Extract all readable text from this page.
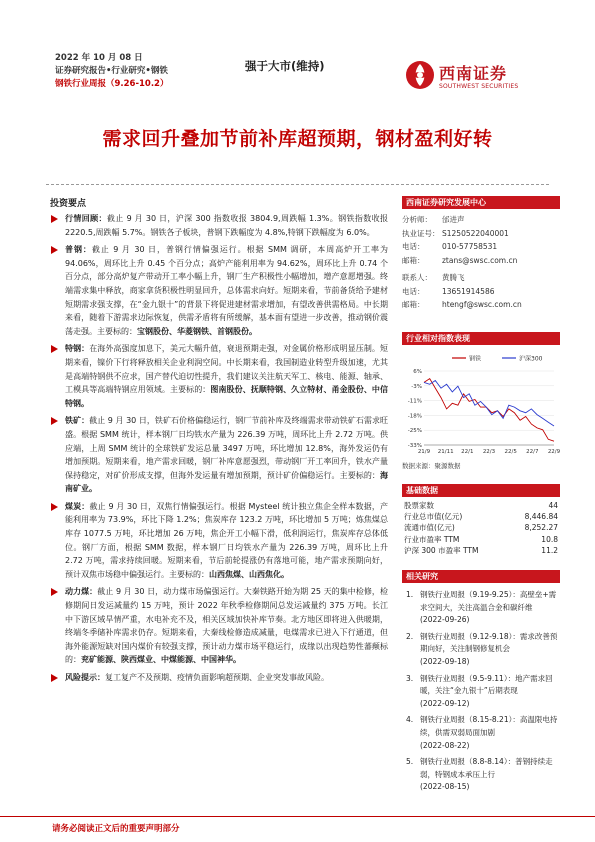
2022 年 10 月 08 日
证券研究报告•行业研究•钢铁
钢铁行业周报（9.26-10.2）
强于大市(维持)	西南证券
SOUTHWEST SECURITIES
需求回升叠加节前补库超预期，钢材盈利好转
投资要点
行情回顾：截止 9 月 30 日，沪深 300 指数收报 3804.9,周跌幅 1.3%。钢铁指数收报 2220.5,周跌幅 5.7%。钢铁各子板块，普钢下跌幅度为 4.8%,特钢下跌幅度为 6.0%。
普钢：截止 9 月 30 日，普钢行情偏强运行。根据 SMM 调研，本周高炉开工率为 94.06%，周环比上升 0.45 个百分点；高炉产能利用率为 94.62%，周环比上升 0.74 个百分点，部分高炉复产带动开工率小幅上升，钢厂生产积极性小幅增加，增产意愿增强。终端需求集中释放，商家拿货积极性明显回升，总体需求向好。短期来看，节前备货给予建材短期需求强支撑，在“金九银十”的背景下将促进建材需求增加，有望改善供需格局。中长期来看，随着下游需求边际恢复，供需矛盾将有所缓解，基本面有望进一步改善，推动钢价震荡走强。主要标的：宝钢股份、华菱钢铁、首钢股份。
特钢：在海外高强度加息下，美元大幅升值，衰退预期走强，对金属价格形成明显压制。短期来看，镍价下行将释放相关企业利润空间。中长期来看，我国制造业转型升级加速，尤其是高端特钢供不应求，国产替代迫切性提升，我们建议关注航天军工、核电、能源、轴承、工模具等高端特钢应用领域。主要标的：图南股份、抚顺特钢、久立特材、甬金股份、中信特钢。
铁矿：截止 9 月 30 日，铁矿石价格偏稳运行，钢厂节前补库及终端需求带动铁矿石需求旺盛。根据 SMM 统计，样本钢厂日均铁水产量为 226.39 万吨，周环比上升 2.72 万吨。供应端，上周 SMM 统计的全球铁矿发运总量 3497 万吨，环比增加 12.8%，海外发运仍有增加预期。短期来看，地产需求回暖，钢厂补库意愿强烈，带动钢厂开工率回升，铁水产量保持稳定，对矿价形成支撑，但海外发运量有增加预期，预计矿价偏稳运行。主要标的：海南矿业。
煤炭：截止 9 月 30 日，双焦行情偏强运行。根据 Mysteel 统计独立焦企全样本数据，产能利用率为 73.9%，环比下降 1.2%；焦炭库存 123.2 万吨，环比增加 5 万吨；炼焦煤总库存 1077.5 万吨，环比增加 26 万吨，焦企开工小幅下滑，低利润运行，焦炭库存总体低位。钢厂方面，根据 SMM 数据，样本钢厂日均铁水产量为 226.39 万吨，周环比上升 2.72 万吨，需求持续回暖。短期来看，节后前轮提涨仍有落地可能，地产需求预期向好，预计双焦市场稳中偏强运行。主要标的：山西焦煤、山西焦化。
动力煤：截止 9 月 30 日，动力煤市场偏强运行。大秦铁路开始为期 25 天的集中检修，检修期间日发运减量约 15 万吨，预计 2022 年秋季检修期间总发运减量约 375 万吨。长江中下游区域旱情严重，水电补充不及，相关区域加快补库节奏。北方地区即将进入供暖期，终端冬季储补库需求仍存。短期来看，大秦线检修造成减量，电煤需求已进入下行通道，但海外能源短缺对国内煤价有较强支撑，预计动力煤市场平稳运行，成缘以出现趋势性蕃颠标的：兖矿能源、陕西煤业、中煤能源、中国神华。
风险提示：复工复产不及预期、疫情负面影响超预期、企业突发事故风险。
西南证券研究发展中心
分析师： 邰进声
执业证号： S1250522040001
电话： 010-57758531
邮箱： ztans@swsc.com.cn
联系人： 黄腾飞
电话： 13651914586
邮箱： htengf@swsc.com.cn
行业相对指数表现
钢铁	沪深300
6%
-3%
-11%
-18%
-25%
-33%
21/9 21/11 22/1 22/3 22/5 22/7 22/9
数据来源：聚源数据
基础数据
股票家数	44
行业总市值(亿元)	8,446.84
流通市值(亿元)	8,252.27
行业市盈率 TTM	10.8
沪深 300 市盈率 TTM	11.2
相关研究
1. 钢铁行业周报（9.19-9.25）：高壁垒+需求空间大，关注高温合金和碳纤维
(2022-09-26)
2. 钢铁行业周报（9.12-9.18）：需求改善预期向好，关注制钢修复机会
(2022-09-18)
3. 钢铁行业周报（9.5-9.11）：地产需求回暖，关注“金九银十”后期表现
(2022-09-12)
4. 钢铁行业周报（8.15-8.21）：高温限电持续，供需双弱局面加剧
(2022-08-22)
5. 钢铁行业周报（8.8-8.14）：普钢持续走弱，特钢成本承压上行
(2022-08-15)
请务必阅读正文后的重要声明部分
